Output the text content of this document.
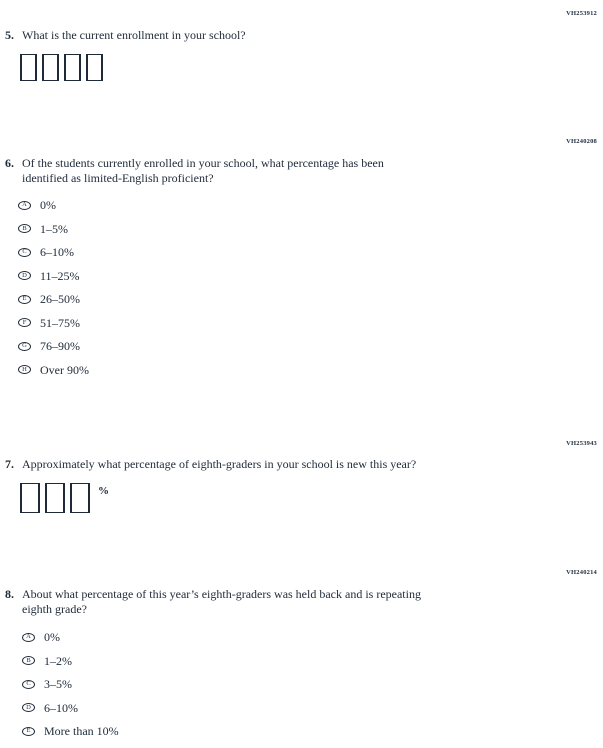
VH253912
5. What is the current enrollment in your school?
VH240208
6. Of the students currently enrolled in your school, what percentage has been
identified as limited-English proficient?
A 0%
B 1–5%
C 6–10%
D 11–25%
E 26–50%
F 51–75%
G 76–90%
H Over 90%
VH253943
7. Approximately what percentage of eighth-graders in your school is new this year?
%
VH240214
8. About what percentage of this year’s eighth-graders was held back and is repeating
eighth grade?
A 0%
B 1–2%
C 3–5%
D 6–10%
E More than 10%
